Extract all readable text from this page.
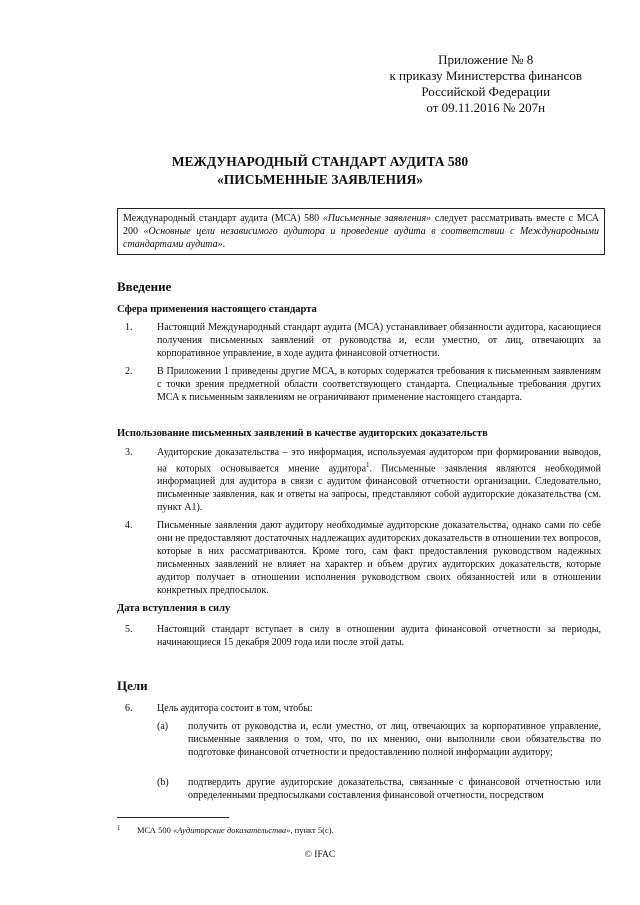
Приложение № 8
к приказу Министерства финансов
Российской Федерации
от 09.11.2016 № 207н
МЕЖДУНАРОДНЫЙ СТАНДАРТ АУДИТА 580
«ПИСЬМЕННЫЕ ЗАЯВЛЕНИЯ»
Международный стандарт аудита (МСА) 580 «Письменные заявления» следует рассматривать вместе с МСА 200 «Основные цели независимого аудитора и проведение аудита в соответствии с Международными стандартами аудита».
Введение
Сфера применения настоящего стандарта
1. Настоящий Международный стандарт аудита (МСА) устанавливает обязанности аудитора, касающиеся получения письменных заявлений от руководства и, если уместно, от лиц, отвечающих за корпоративное управление, в ходе аудита финансовой отчетности.
2. В Приложении 1 приведены другие МСА, в которых содержатся требования к письменным заявлениям с точки зрения предметной области соответствующего стандарта. Специальные требования других МСА к письменным заявлениям не ограничивают применение настоящего стандарта.
Использование письменных заявлений в качестве аудиторских доказательств
3. Аудиторские доказательства – это информация, используемая аудитором при формировании выводов, на которых основывается мнение аудитора$^1$. Письменные заявления являются необходимой информацией для аудитора в связи с аудитом финансовой отчетности организации. Следовательно, письменные заявления, как и ответы на запросы, представляют собой аудиторские доказательства (см. пункт A1).
4. Письменные заявления дают аудитору необходимые аудиторские доказательства, однако сами по себе они не предоставляют достаточных надлежащих аудиторских доказательств в отношении тех вопросов, которые в них рассматриваются. Кроме того, сам факт предоставления руководством надежных письменных заявлений не влияет на характер и объем других аудиторских доказательств, которые аудитор получает в отношении исполнения руководством своих обязанностей или в отношении конкретных предпосылок.
Дата вступления в силу
5. Настоящий стандарт вступает в силу в отношении аудита финансовой отчетности за периоды, начинающиеся 15 декабря 2009 года или после этой даты.
Цели
6. Цель аудитора состоит в том, чтобы:
(a) получить от руководства и, если уместно, от лиц, отвечающих за корпоративное управление, письменные заявления о том, что, по их мнению, они выполнили свои обязательства по подготовке финансовой отчетности и предоставлению полной информации аудитору;
(b) подтвердить другие аудиторские доказательства, связанные с финансовой отчетностью или определенными предпосылками составления финансовой отчетности, посредством
1 МСА 500 «Аудиторские доказательства», пункт 5(с).
© IFAC
